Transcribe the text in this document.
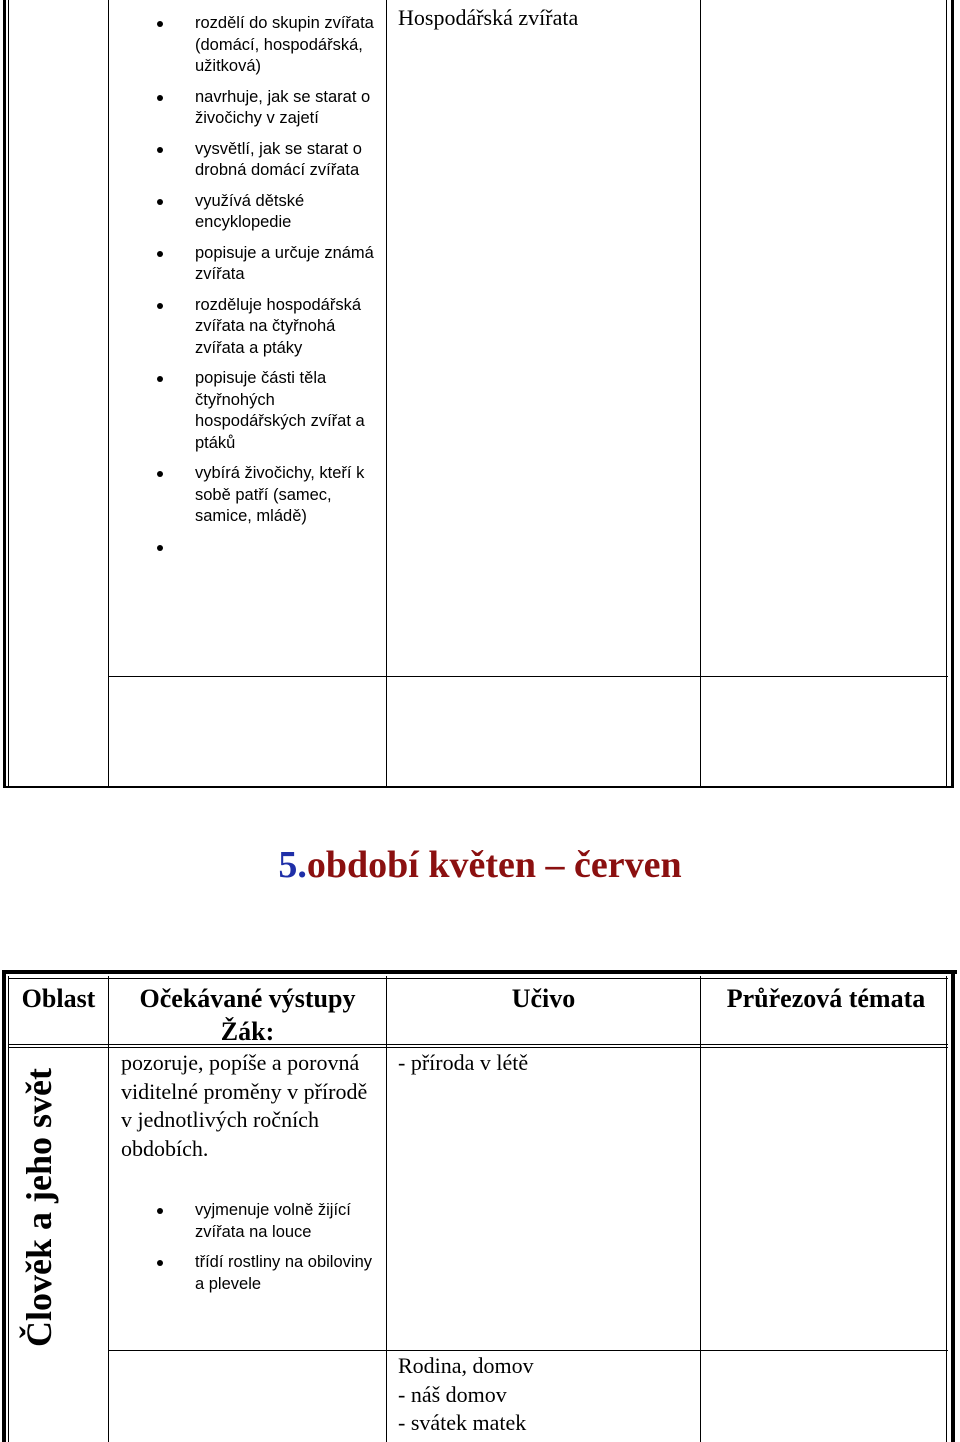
rozdělí do skupin zvířata (domácí, hospodářská, užitková)
navrhuje, jak se starat o živočichy v zajetí
vysvětlí, jak se starat o drobná domácí zvířata
využívá dětské encyklopedie
popisuje a určuje známá zvířata
rozděluje hospodářská zvířata na čtyřnohá zvířata a ptáky
popisuje části těla čtyřnohých hospodářských zvířat a ptáků
vybírá živočichy, kteří k sobě patří (samec, samice, mládě)
Hospodářská zvířata
5.období květen – červen
Oblast	Očekávané výstupy
Žák:
Učivo	Průřezová témata
Člověk a jeho svět
pozoruje, popíše a porovná viditelné proměny v přírodě v jednotlivých ročních obdobích.
vyjmenuje volně žijící zvířata na louce
třídí rostliny na obiloviny a plevele
- příroda v létě
Rodina, domov
- náš domov
- svátek matek
